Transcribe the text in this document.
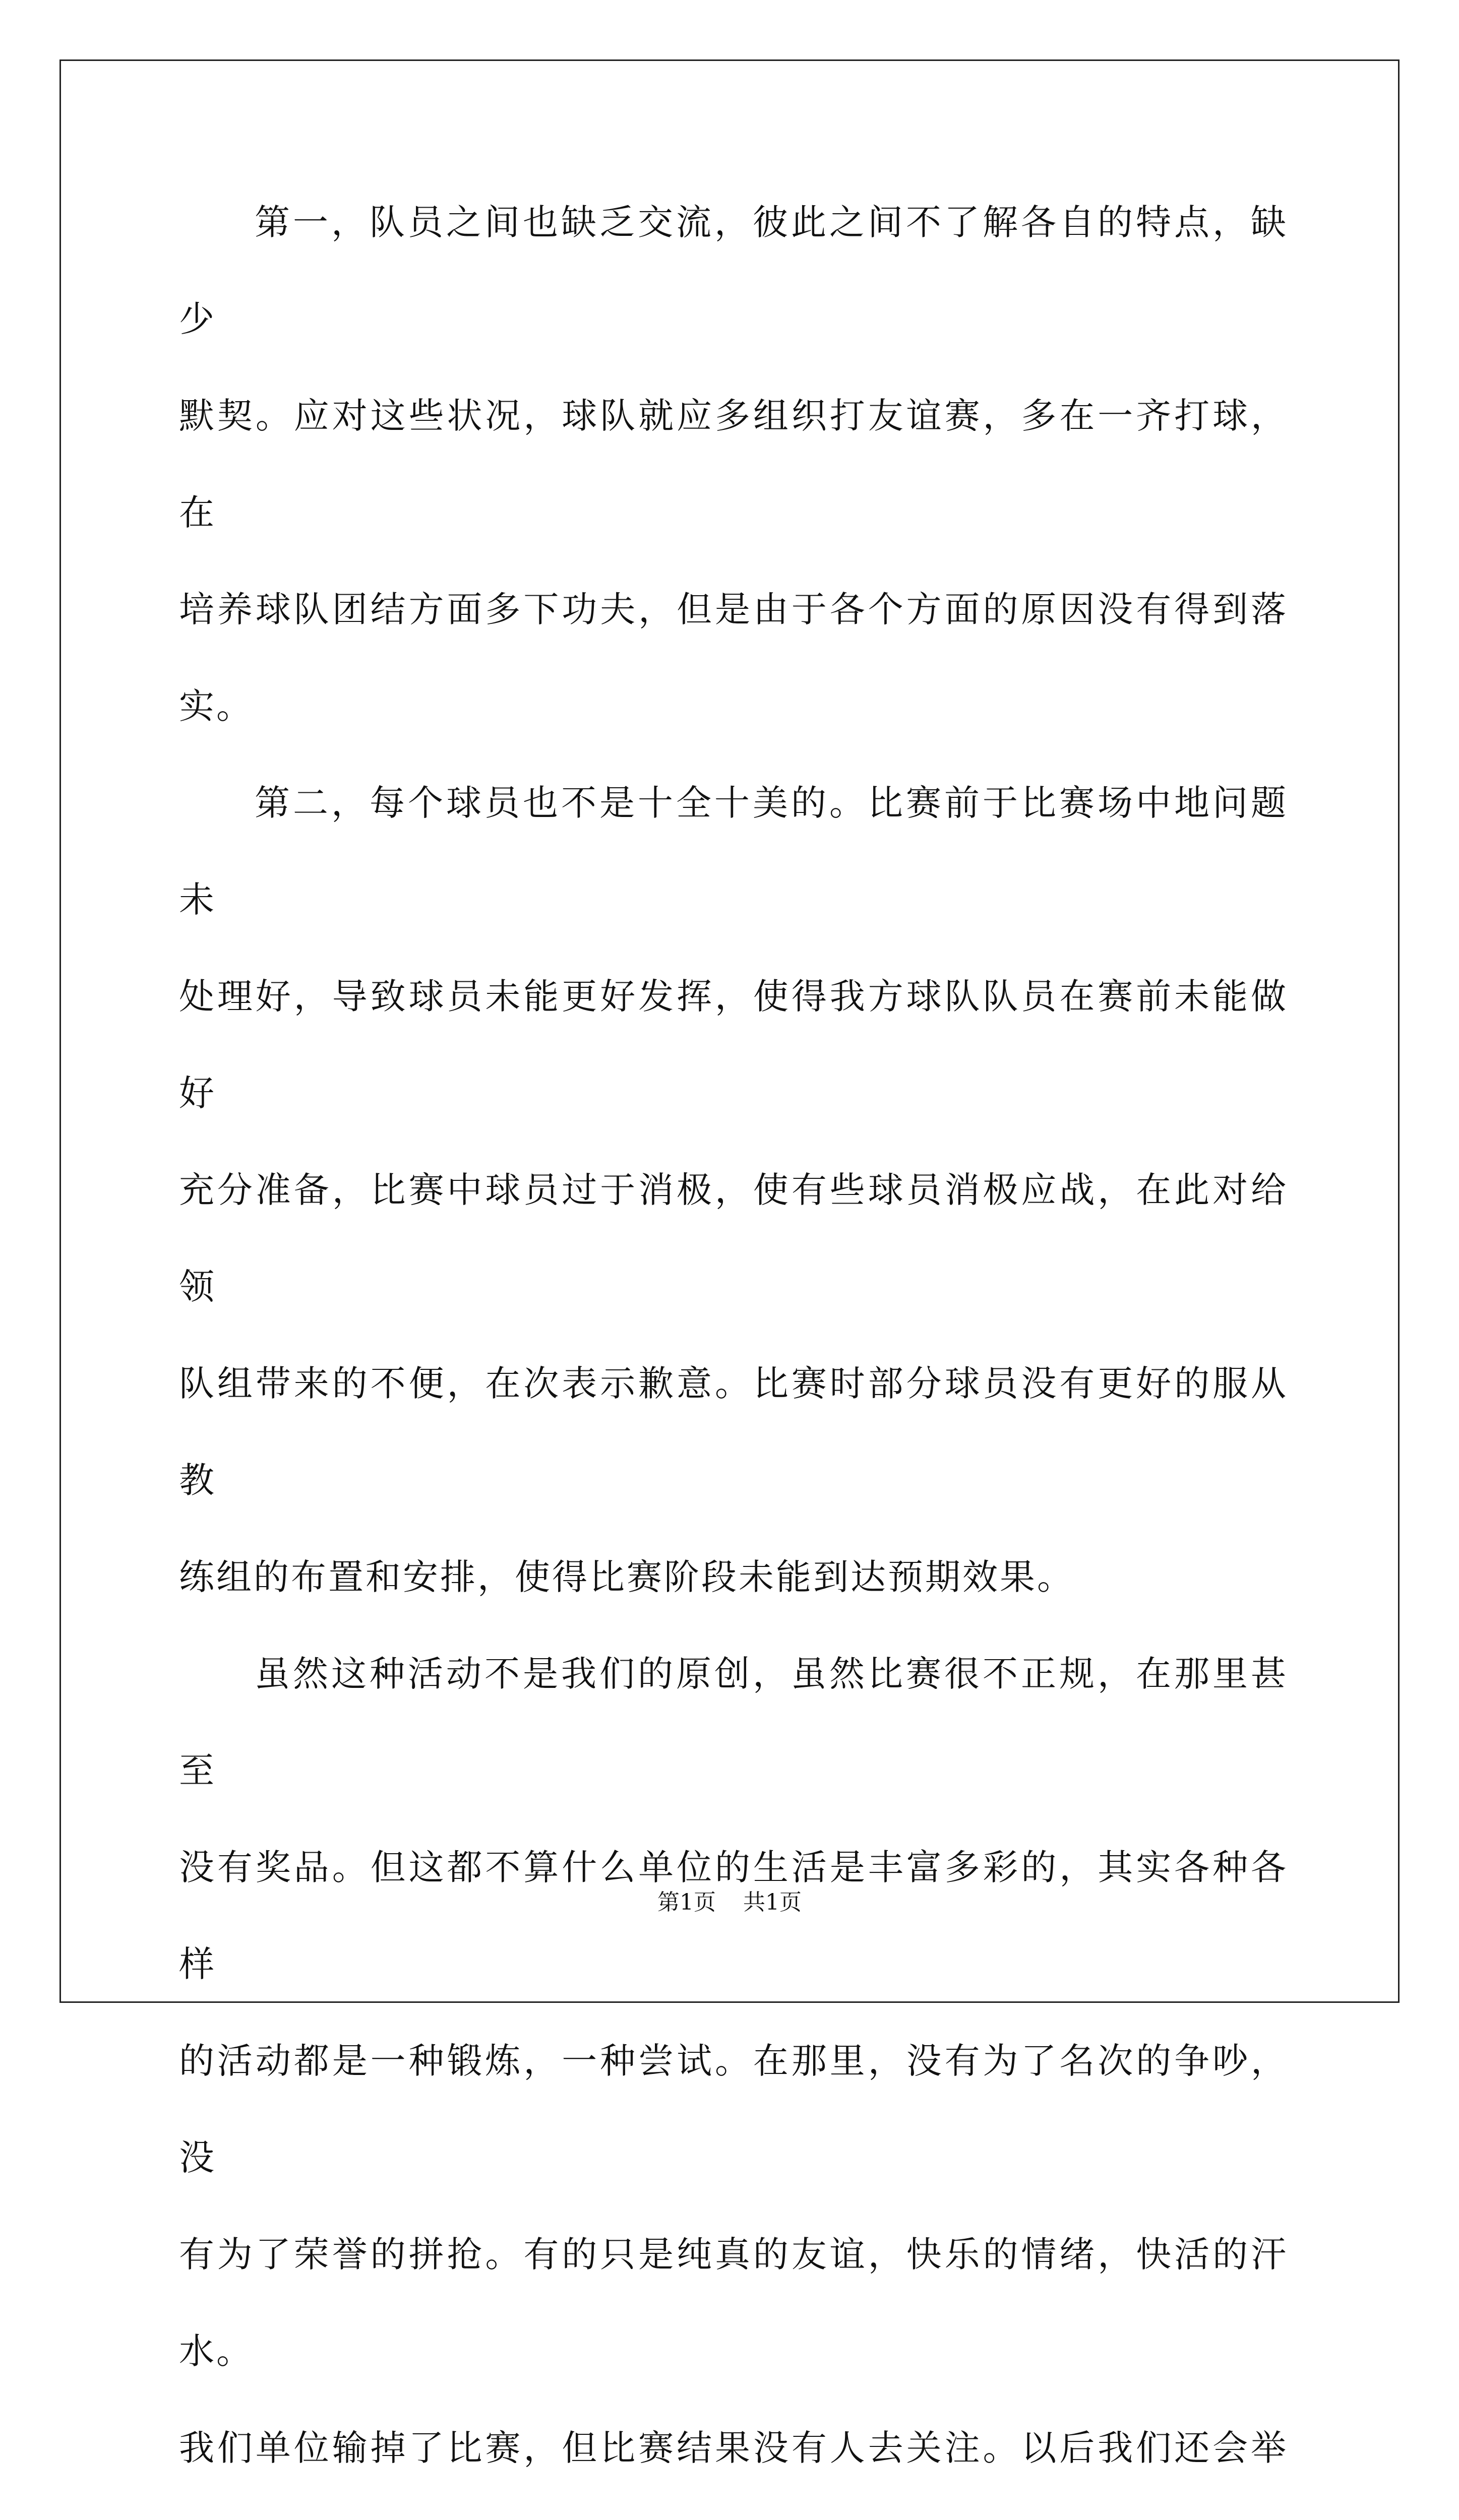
第一，队员之间也缺乏交流，彼此之间不了解各自的特点，缺少
默契。应对这些状况，球队就应多组织打友谊赛，多在一齐打球，在
培养球队团结方面多下功夫，但是由于各个方面的原因没有得到落实。

第二，每个球员也不是十全十美的。比赛前于比赛场中地问题未
处理好，导致球员未能更好发挥，使得我方球队队员在赛前未能做好
充分准备，比赛中球员过于消极，使有些球员消极应战，在此对给领
队组带来的不便，在次表示歉意。比赛时部分球员没有更好的服从教
练组的布置和安排，使得比赛阶段未能到达预期效果。

虽然这种活动不是我们的原创，虽然比赛很不正规，在那里甚至
没有奖品。但这都不算什么单位的生活是丰富多彩的，其实各种各样
的活动都是一种锻炼，一种尝试。在那里，没有为了名次的争吵，没
有为了荣誉的拼抢。有的只是纯真的友谊，快乐的情绪，快活的汗水。
我们单位输掉了比赛，但比赛结果没有人去关注。以后我们还会举

第1页 共1页
